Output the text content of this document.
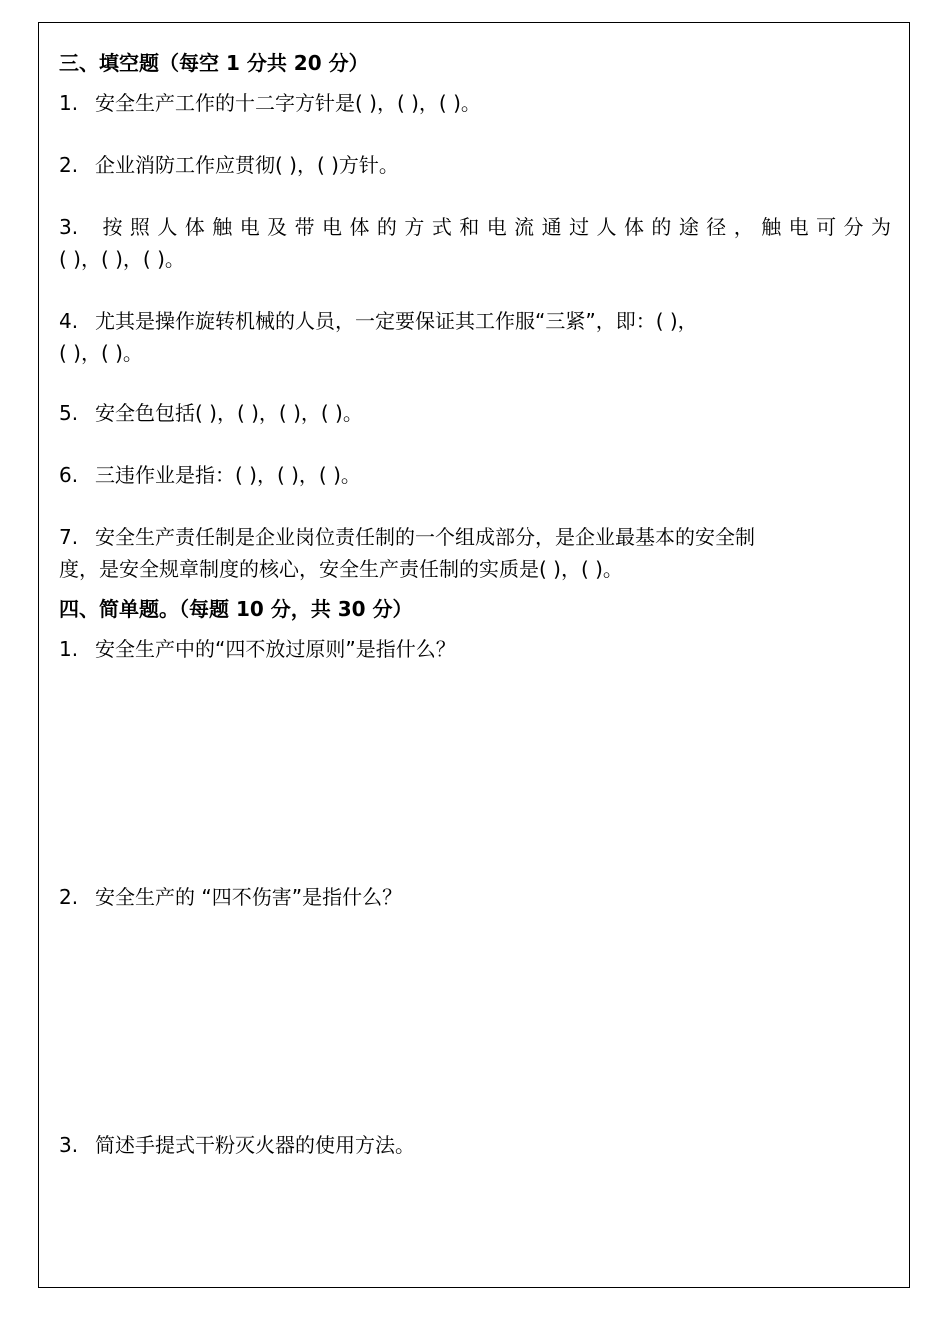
三、填空题（每空 1 分共 20 分）
1. 安全生产工作的十二字方针是( )，( )，( )。
2. 企业消防工作应贯彻( )，( )方针。
3. 按照人体触电及带电体的方式和电流通过人体的途径，触电可分为
( )，( )，( )。
4. 尤其是操作旋转机械的人员，一定要保证其工作服“三紧”，即：( )，
( )，( )。
5. 安全色包括( )，( )，( )，( )。
6. 三违作业是指：( )，( )，( )。
7. 安全生产责任制是企业岗位责任制的一个组成部分，是企业最基本的安全制
度，是安全规章制度的核心，安全生产责任制的实质是( )，( )。
四、简单题。（每题 10 分，共 30 分）
1. 安全生产中的“四不放过原则”是指什么？
2. 安全生产的 “四不伤害”是指什么？
3. 简述手提式干粉灭火器的使用方法。
